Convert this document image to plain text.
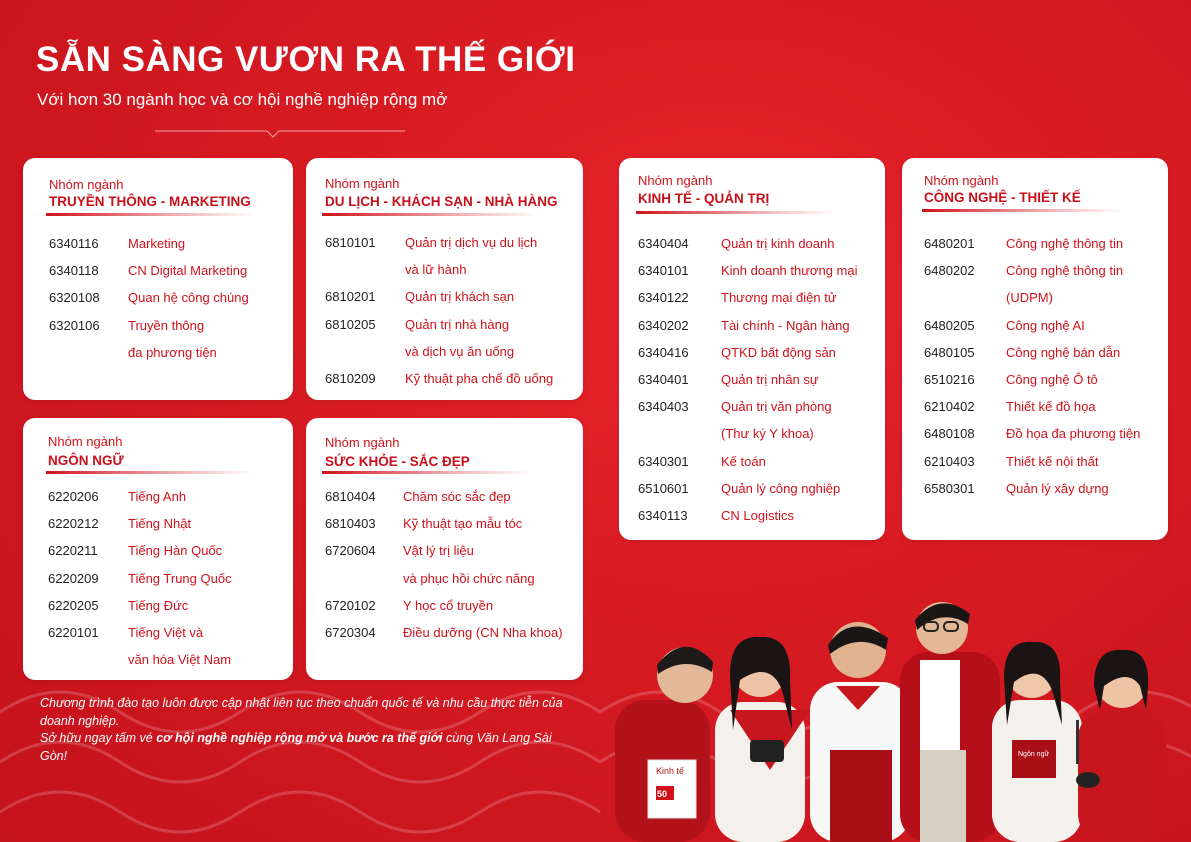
SẴN SÀNG VƯƠN RA THẾ GIỚI

Với hơn 30 ngành học và cơ hội nghề nghiệp rộng mở

Nhóm ngành
TRUYỀN THÔNG - MARKETING
6340116 Marketing
6340118 CN Digital Marketing
6320108 Quan hệ công chúng
6320106 Truyền thông
đa phương tiện
Nhóm ngành
DU LỊCH - KHÁCH SẠN - NHÀ HÀNG
6810101 Quản trị dịch vụ du lịch
và lữ hành
6810201 Quản trị khách sạn
6810205 Quản trị nhà hàng
và dịch vụ ăn uống
6810209 Kỹ thuật pha chế đồ uống
Nhóm ngành
KINH TẾ - QUẢN TRỊ
6340404 Quản trị kinh doanh
6340101 Kinh doanh thương mại
6340122 Thương mại điện tử
6340202 Tài chính - Ngân hàng
6340416 QTKD bất động sản
6340401 Quản trị nhân sự
6340403 Quản trị văn phòng
(Thư ký Y khoa)
6340301 Kế toán
6510601 Quản lý công nghiệp
6340113	CN Logistics
Nhóm ngành
CÔNG NGHỆ - THIẾT KẾ
6480201 Công nghệ thông tin
6480202 Công nghệ thông tin
(UDPM)
6480205 Công nghệ AI
6480105 Công nghệ bán dẫn
6510216 Công nghệ Ô tô
6210402 Thiết kế đồ họa
6480108 Đồ họa đa phương tiện
6210403 Thiết kế nội thất
6580301 Quản lý xây dựng
Nhóm ngành
NGÔN NGỮ
6220206 Tiếng Anh
6220212 Tiếng Nhật
6220211 Tiếng Hàn Quốc
6220209 Tiếng Trung Quốc
6220205 Tiếng Đức
6220101 Tiếng Việt và
văn hóa Việt Nam
Nhóm ngành
SỨC KHỎE - SẮC ĐẸP
6810404 Chăm sóc sắc đẹp
6810403 Kỹ thuật tạo mẫu tóc
6720604 Vật lý trị liệu
và phục hồi chức năng
6720102 Y học cổ truyền
6720304 Điều dưỡng (CN Nha khoa)
Chương trình đào tạo luôn được cập nhật liên tục theo chuẩn quốc tế và nhu cầu thực tiễn của doanh nghiệp.
Sở hữu ngay tấm vé cơ hội nghề nghiệp rộng mở và bước ra thế giới cùng Văn Lang Sài Gòn!
Kinh tế
50
Ngôn ngữ
